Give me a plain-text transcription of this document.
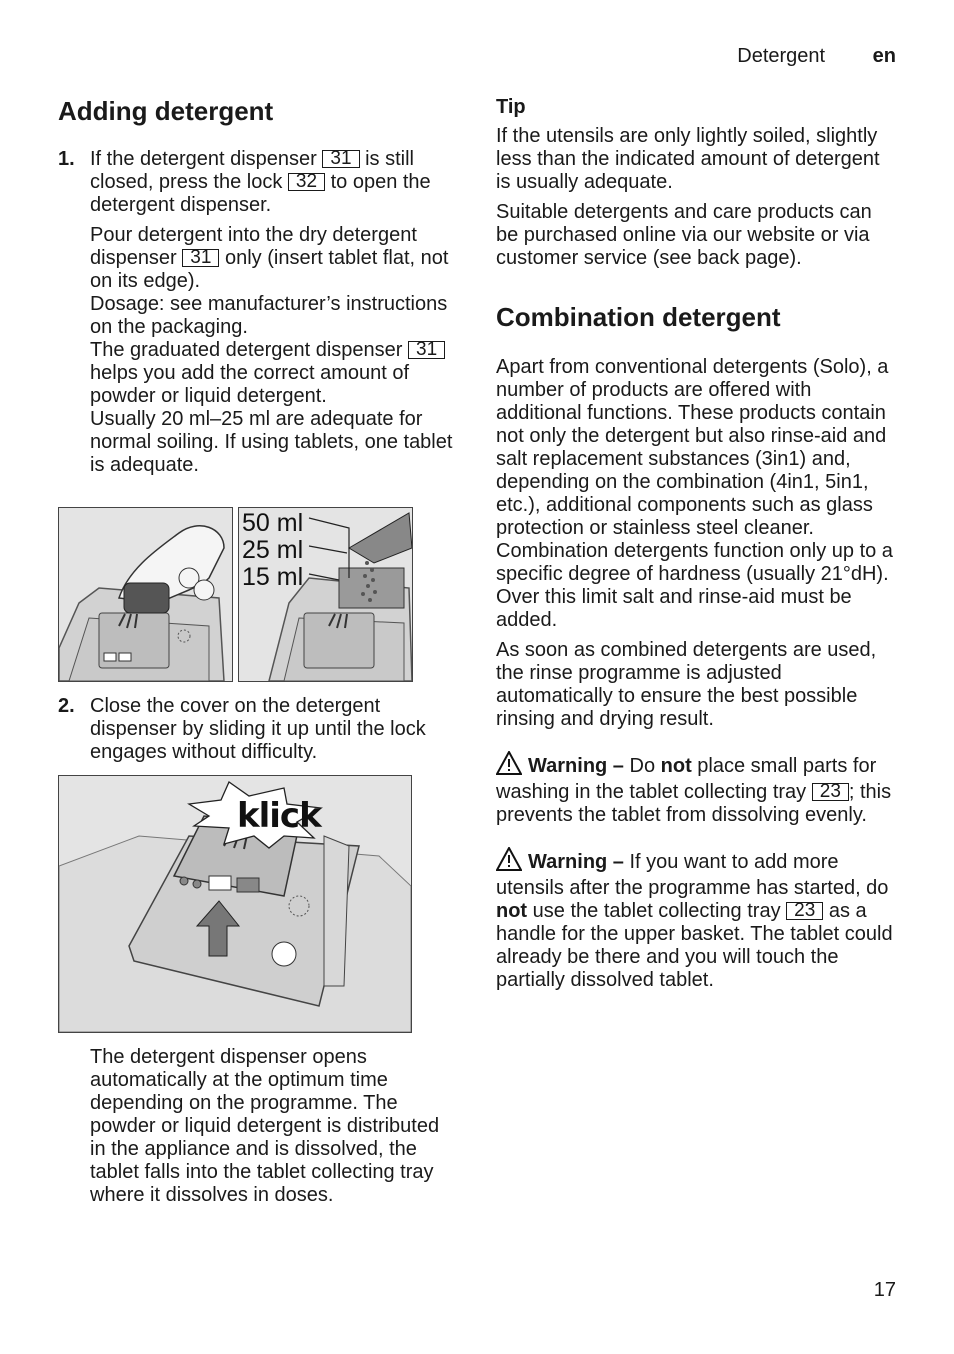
Detergent en
Adding detergent
1. If the detergent dispenser 31 is still closed, press the lock 32 to open the detergent dispenser.

Pour detergent into the dry detergent dispenser 31 only (insert tablet flat, not on its edge).
Dosage: see manufacturer’s instructions on the packaging.
The graduated detergent dispenser 31 helps you add the correct amount of powder or liquid detergent.
Usually 20 ml–25 ml are adequate for normal soiling. If using tablets, one tablet is adequate.

50 ml
25 ml
15 ml
2. Close the cover on the detergent dispenser by sliding it up until the lock engages without difficulty.

klick

The detergent dispenser opens automatically at the optimum time depending on the programme. The powder or liquid detergent is distributed in the appliance and is dissolved, the tablet falls into the tablet collecting tray where it dissolves in doses.

Tip

If the utensils are only lightly soiled, slightly less than the indicated amount of detergent is usually adequate.

Suitable detergents and care products can be purchased online via our website or via customer service (see back page).

Combination detergent

Apart from conventional detergents (Solo), a number of products are offered with additional functions. These products contain not only the detergent but also rinse-aid and salt replacement substances (3in1) and, depending on the combination (4in1, 5in1, etc.), additional components such as glass protection or stainless steel cleaner. Combination detergents function only up to a specific degree of hardness (usually 21°dH). Over this limit salt and rinse-aid must be added.

As soon as combined detergents are used, the rinse programme is adjusted automatically to ensure the best possible rinsing and drying result.

Warning – Do not place small parts for washing in the tablet collecting tray 23 ; this prevents the tablet from dissolving evenly.

Warning – If you want to add more utensils after the programme has started, do not use the tablet collecting tray 23 as a handle for the upper basket. The tablet could already be there and you will touch the partially dissolved tablet.

17
